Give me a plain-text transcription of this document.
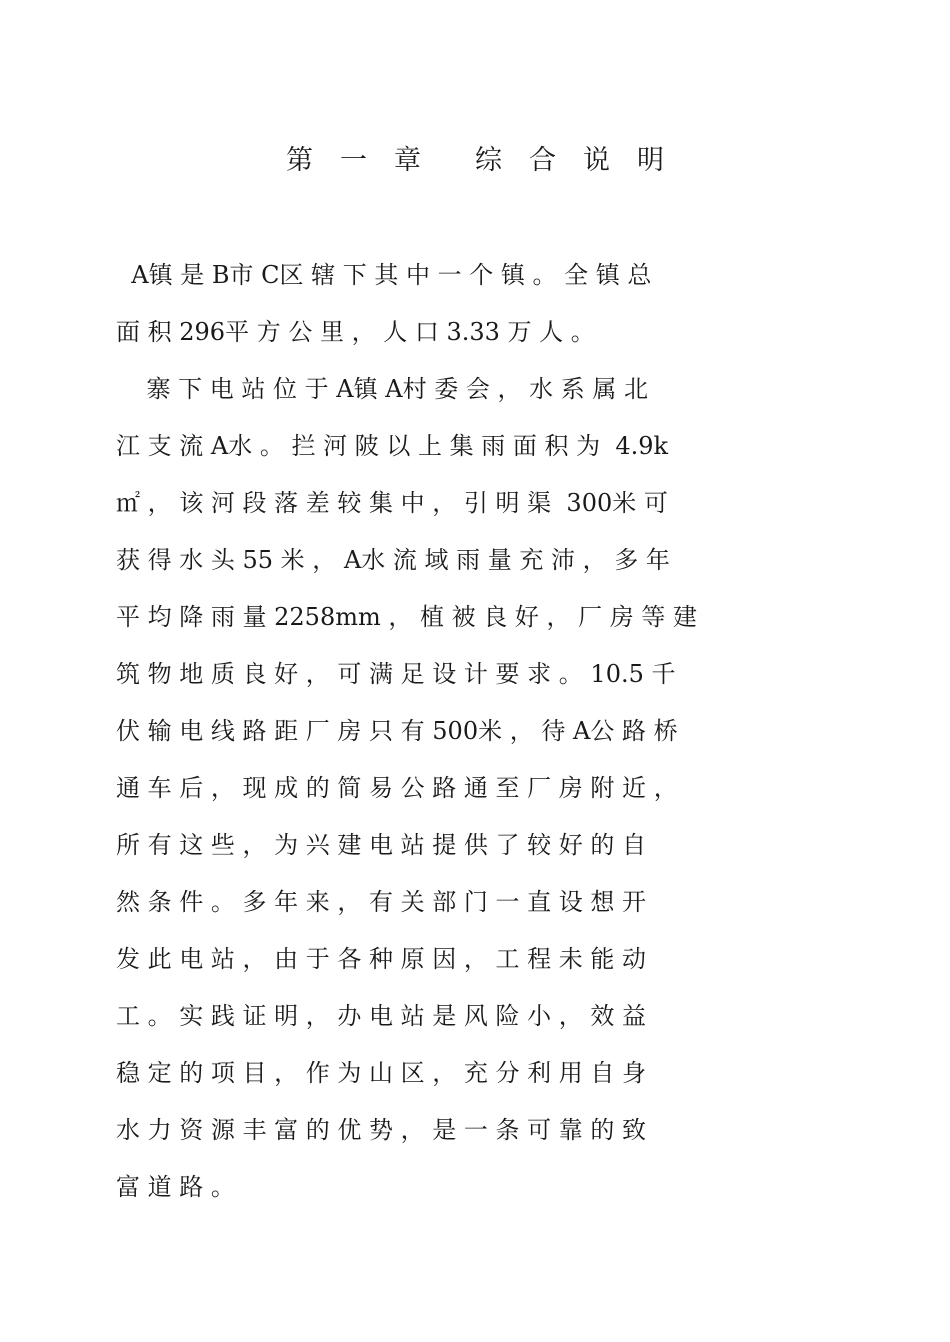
第　一　章　　综　合　说　明
A镇 是 B市 C区 辖 下 其 中 一 个 镇 。 全 镇 总
面 积 296平 方 公 里 ， 人 口 3.33 万 人 。
寨 下 电 站 位 于 A镇 A村 委 会 ， 水 系 属 北
江 支 流 A水 。 拦 河 陂 以 上 集 雨 面 积 为  4.9k
㎡ ， 该 河 段 落 差 较 集 中 ， 引 明 渠  300米 可
获 得 水 头 55 米 ， A水 流 域 雨 量 充 沛 ， 多 年
平 均 降 雨 量 2258mm ， 植 被 良 好 ， 厂 房 等 建
筑 物 地 质 良 好 ， 可 满 足 设 计 要 求 。 10.5 千
伏 输 电 线 路 距 厂 房 只 有 500米 ， 待 A公 路 桥
通 车 后 ， 现 成 的 简 易 公 路 通 至 厂 房 附 近 ，
所 有 这 些 ， 为 兴 建 电 站 提 供 了 较 好 的 自
然 条 件 。 多 年 来 ， 有 关 部 门 一 直 设 想 开
发 此 电 站 ， 由 于 各 种 原 因 ， 工 程 未 能 动
工 。 实 践 证 明 ， 办 电 站 是 风 险 小 ， 效 益
稳 定 的 项 目 ， 作 为 山 区 ， 充 分 利 用 自 身
水 力 资 源 丰 富 的 优 势 ， 是 一 条 可 靠 的 致
富 道 路 。
